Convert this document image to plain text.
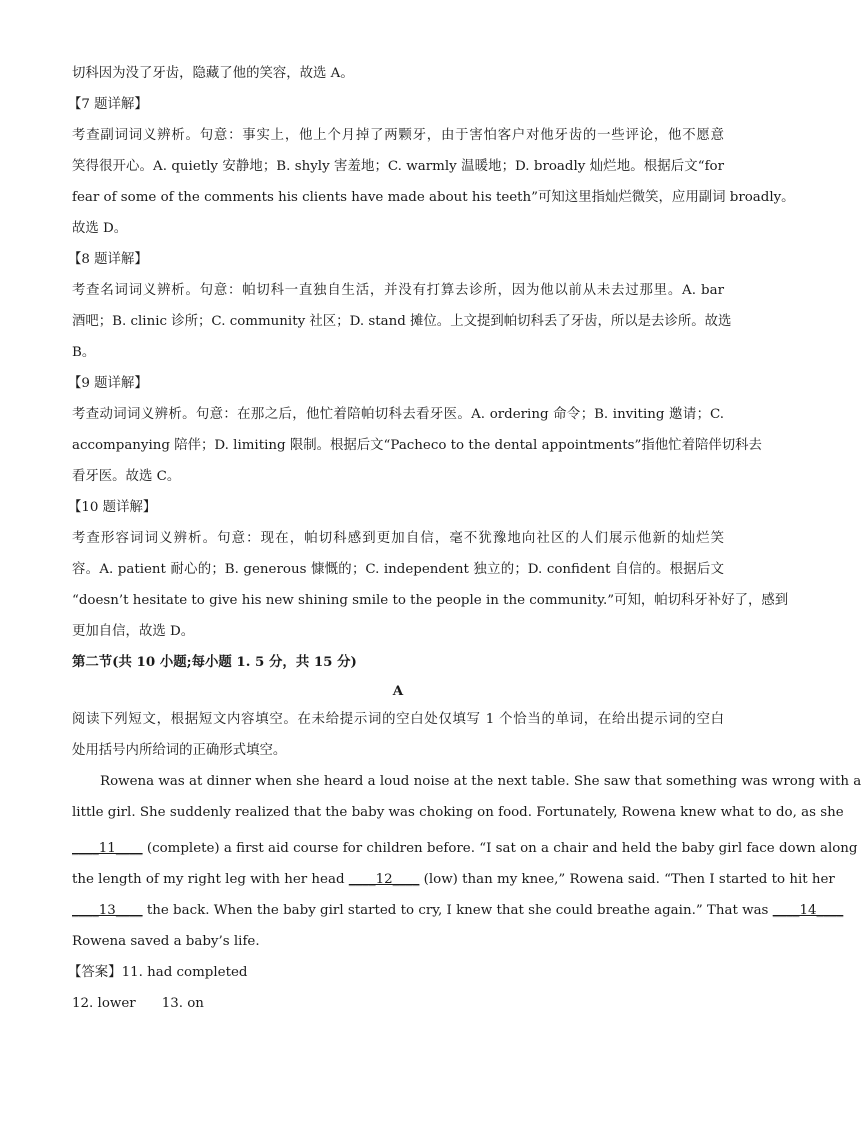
切科因为没了牙齿，隐藏了他的笑容，故选 A。
【7 题详解】
考查副词词义辨析。句意：事实上，他上个月掉了两颗牙，由于害怕客户对他牙齿的一些评论，他不愿意
笑得很开心。A. quietly 安静地；B. shyly 害羞地；C. warmly 温暖地；D. broadly 灿烂地。根据后文“for
fear of some of the comments his clients have made about his teeth”可知这里指灿烂微笑，应用副词 broadly。
故选 D。
【8 题详解】
考查名词词义辨析。句意：帕切科一直独自生活，并没有打算去诊所，因为他以前从未去过那里。A. bar
酒吧；B. clinic 诊所；C. community 社区；D. stand 摊位。上文提到帕切科丢了牙齿，所以是去诊所。故选
B。
【9 题详解】
考查动词词义辨析。句意：在那之后，他忙着陪帕切科去看牙医。A. ordering 命令；B. inviting 邀请；C.
accompanying 陪伴；D. limiting 限制。根据后文“Pacheco to the dental appointments”指他忙着陪伴切科去
看牙医。故选 C。
【10 题详解】
考查形容词词义辨析。句意：现在，帕切科感到更加自信，毫不犹豫地向社区的人们展示他新的灿烂笑
容。A. patient 耐心的；B. generous 慷慨的；C. independent 独立的；D. confident 自信的。根据后文
“doesn’t hesitate to give his new shining smile to the people in the community.”可知，帕切科牙补好了，感到
更加自信，故选 D。
第二节(共 10 小题;每小题 1. 5 分，共 15 分)
A
阅读下列短文，根据短文内容填空。在未给提示词的空白处仅填写 1 个恰当的单词，在给出提示词的空白
处用括号内所给词的正确形式填空。
Rowena was at dinner when she heard a loud noise at the next table. She saw that something was wrong with a
little girl. She suddenly realized that the baby was choking on food. Fortunately, Rowena knew what to do, as she
____11____ (complete) a first aid course for children before. “I sat on a chair and held the baby girl face down along
the length of my right leg with her head ____12____ (low) than my knee,” Rowena said. “Then I started to hit her
____13____ the back. When the baby girl started to cry, I knew that she could breathe again.” That was ____14____
Rowena saved a baby’s life.
【答案】11. had completed
12. lower 13. on
